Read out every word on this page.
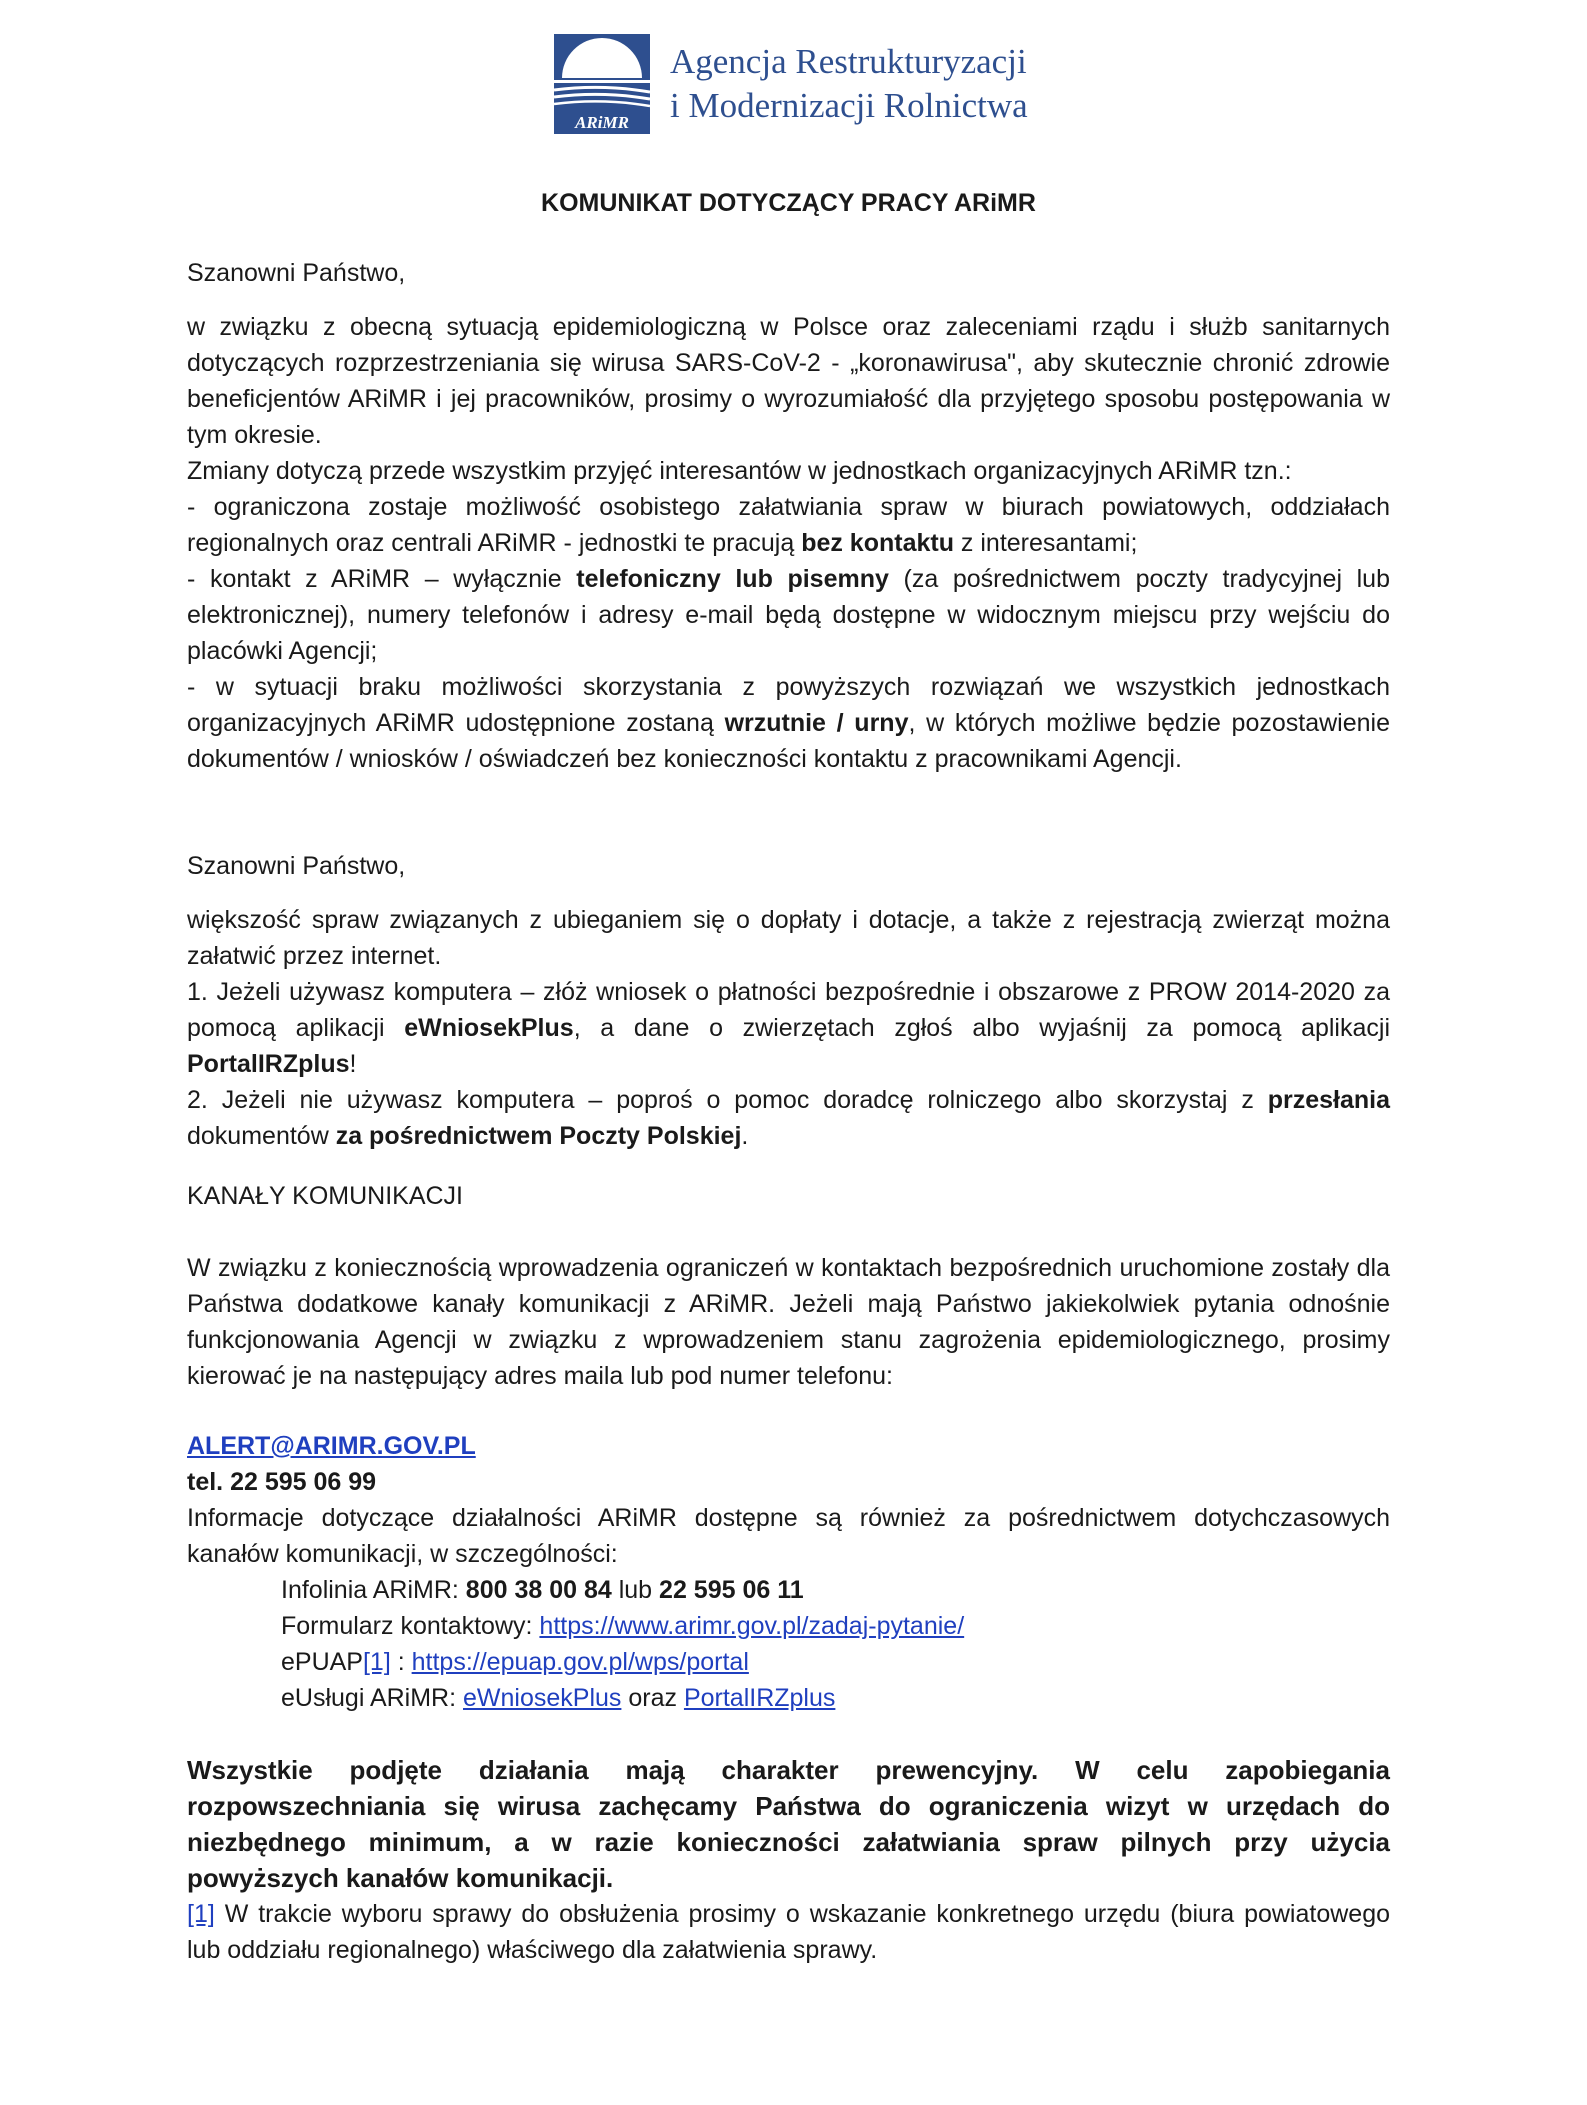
ARiMR
Agencja Restrukturyzacji
i Modernizacji Rolnictwa
KOMUNIKAT DOTYCZĄCY PRACY ARiMR
Szanowni Państwo,
w związku z obecną sytuacją epidemiologiczną w Polsce oraz zaleceniami rządu i służb sanitarnych dotyczących rozprzestrzeniania się wirusa SARS-CoV-2 - „koronawirusa", aby skutecznie chronić zdrowie beneficjentów ARiMR i jej pracowników, prosimy o wyrozumiałość dla przyjętego sposobu postępowania w tym okresie.
Zmiany dotyczą przede wszystkim przyjęć interesantów w jednostkach organizacyjnych ARiMR tzn.:
- ograniczona zostaje możliwość osobistego załatwiania spraw w biurach powiatowych, oddziałach regionalnych oraz centrali ARiMR - jednostki te pracują bez kontaktu z interesantami;
- kontakt z ARiMR – wyłącznie telefoniczny lub pisemny (za pośrednictwem poczty tradycyjnej lub elektronicznej), numery telefonów i adresy e-mail będą dostępne w widocznym miejscu przy wejściu do placówki Agencji;
- w sytuacji braku możliwości skorzystania z powyższych rozwiązań we wszystkich jednostkach organizacyjnych ARiMR udostępnione zostaną wrzutnie / urny, w których możliwe będzie pozostawienie dokumentów / wniosków / oświadczeń bez konieczności kontaktu z pracownikami Agencji.
Szanowni Państwo,
większość spraw związanych z ubieganiem się o dopłaty i dotacje, a także z rejestracją zwierząt można załatwić przez internet.
1. Jeżeli używasz komputera – złóż wniosek o płatności bezpośrednie i obszarowe z PROW 2014-2020 za pomocą aplikacji eWniosekPlus, a dane o zwierzętach zgłoś albo wyjaśnij za pomocą aplikacji PortalIRZplus!
2. Jeżeli nie używasz komputera – poproś o pomoc doradcę rolniczego albo skorzystaj z przesłania dokumentów za pośrednictwem Poczty Polskiej.
KANAŁY KOMUNIKACJI
W związku z koniecznością wprowadzenia ograniczeń w kontaktach bezpośrednich uruchomione zostały dla Państwa dodatkowe kanały komunikacji z ARiMR. Jeżeli mają Państwo jakiekolwiek pytania odnośnie funkcjonowania Agencji w związku z wprowadzeniem stanu zagrożenia epidemiologicznego, prosimy kierować je na następujący adres maila lub pod numer telefonu:
ALERT@ARIMR.GOV.PL
tel. 22 595 06 99
Informacje dotyczące działalności ARiMR dostępne są również za pośrednictwem dotychczasowych kanałów komunikacji, w szczególności:
Infolinia ARiMR: 800 38 00 84 lub 22 595 06 11
Formularz kontaktowy: https://www.arimr.gov.pl/zadaj-pytanie/
ePUAP[1] : https://epuap.gov.pl/wps/portal
eUsługi ARiMR: eWniosekPlus oraz PortalIRZplus
Wszystkie podjęte działania mają charakter prewencyjny. W celu zapobiegania rozpowszechniania się wirusa zachęcamy Państwa do ograniczenia wizyt w urzędach do niezbędnego minimum, a w razie konieczności załatwiania spraw pilnych przy użycia powyższych kanałów komunikacji.
[1] W trakcie wyboru sprawy do obsłużenia prosimy o wskazanie konkretnego urzędu (biura powiatowego lub oddziału regionalnego) właściwego dla załatwienia sprawy.
